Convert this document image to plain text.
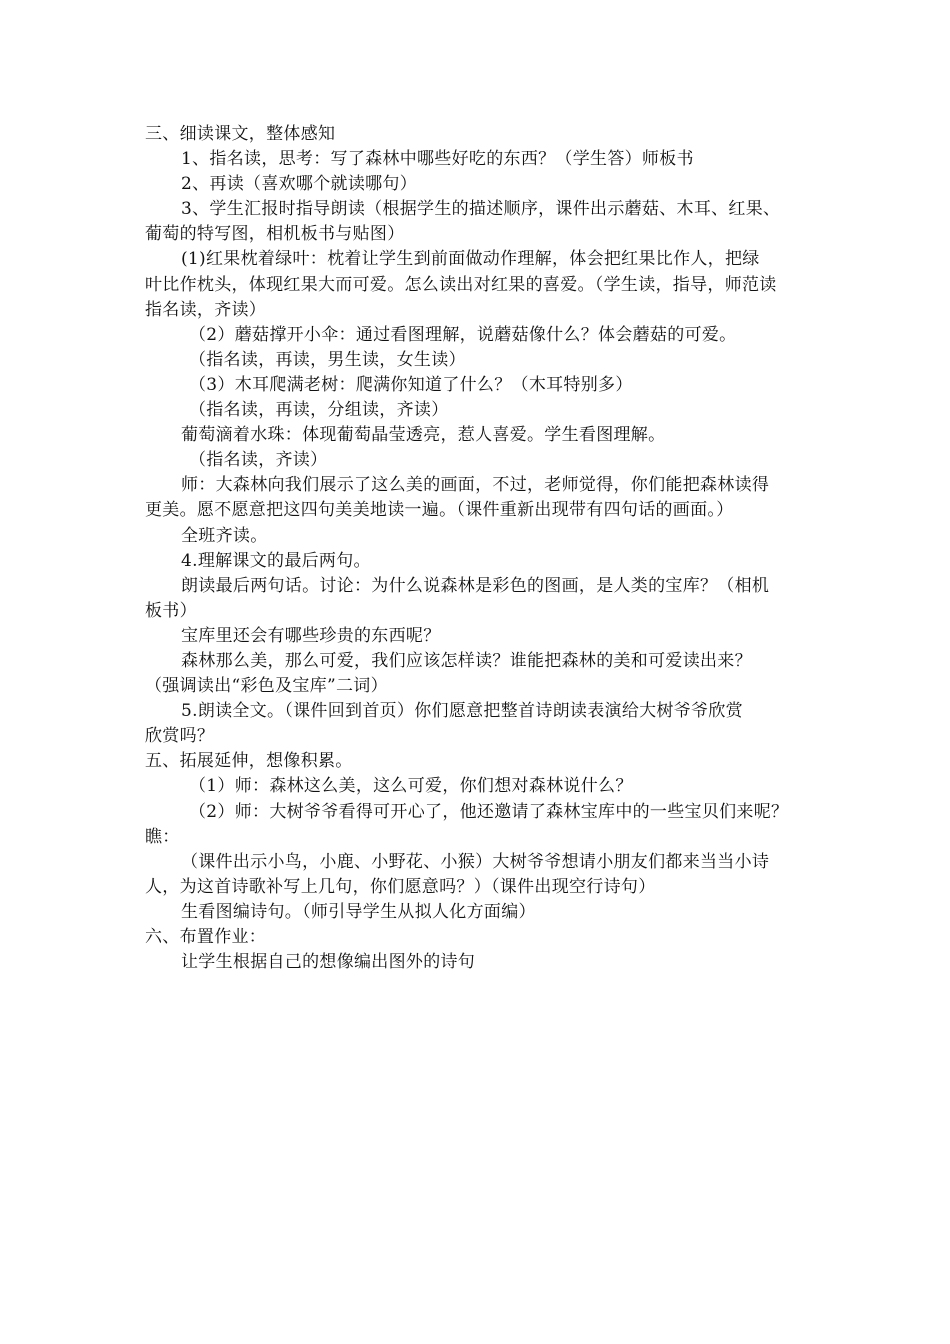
三、细读课文，整体感知
1、指名读，思考：写了森林中哪些好吃的东西？（学生答）师板书
2、再读（喜欢哪个就读哪句）
3、学生汇报时指导朗读（根据学生的描述顺序，课件出示蘑菇、木耳、红果、
葡萄的特写图，相机板书与贴图）
(1)红果枕着绿叶：枕着让学生到前面做动作理解，体会把红果比作人，把绿
叶比作枕头，体现红果大而可爱。怎么读出对红果的喜爱。（学生读，指导，师范读
指名读，齐读）
（2）蘑菇撑开小伞：通过看图理解，说蘑菇像什么？体会蘑菇的可爱。
（指名读，再读，男生读，女生读）
（3）木耳爬满老树：爬满你知道了什么？（木耳特别多）
（指名读，再读，分组读，齐读）
葡萄滴着水珠：体现葡萄晶莹透亮，惹人喜爱。学生看图理解。
（指名读，齐读）
师：大森林向我们展示了这么美的画面，不过，老师觉得，你们能把森林读得
更美。愿不愿意把这四句美美地读一遍。（课件重新出现带有四句话的画面。）
全班齐读。
4.理解课文的最后两句。
朗读最后两句话。讨论：为什么说森林是彩色的图画，是人类的宝库？（相机
板书）
宝库里还会有哪些珍贵的东西呢？
森林那么美，那么可爱，我们应该怎样读？谁能把森林的美和可爱读出来？
（强调读出“彩色及宝库”二词）
5.朗读全文。（课件回到首页）你们愿意把整首诗朗读表演给大树爷爷欣赏
欣赏吗？
五、拓展延伸，想像积累。
（1）师：森林这么美，这么可爱，你们想对森林说什么？
（2）师：大树爷爷看得可开心了，他还邀请了森林宝库中的一些宝贝们来呢？
瞧：
（课件出示小鸟，小鹿、小野花、小猴）大树爷爷想请小朋友们都来当当小诗
人，为这首诗歌补写上几句，你们愿意吗？）（课件出现空行诗句）
生看图编诗句。（师引导学生从拟人化方面编）
六、布置作业：
让学生根据自己的想像编出图外的诗句
